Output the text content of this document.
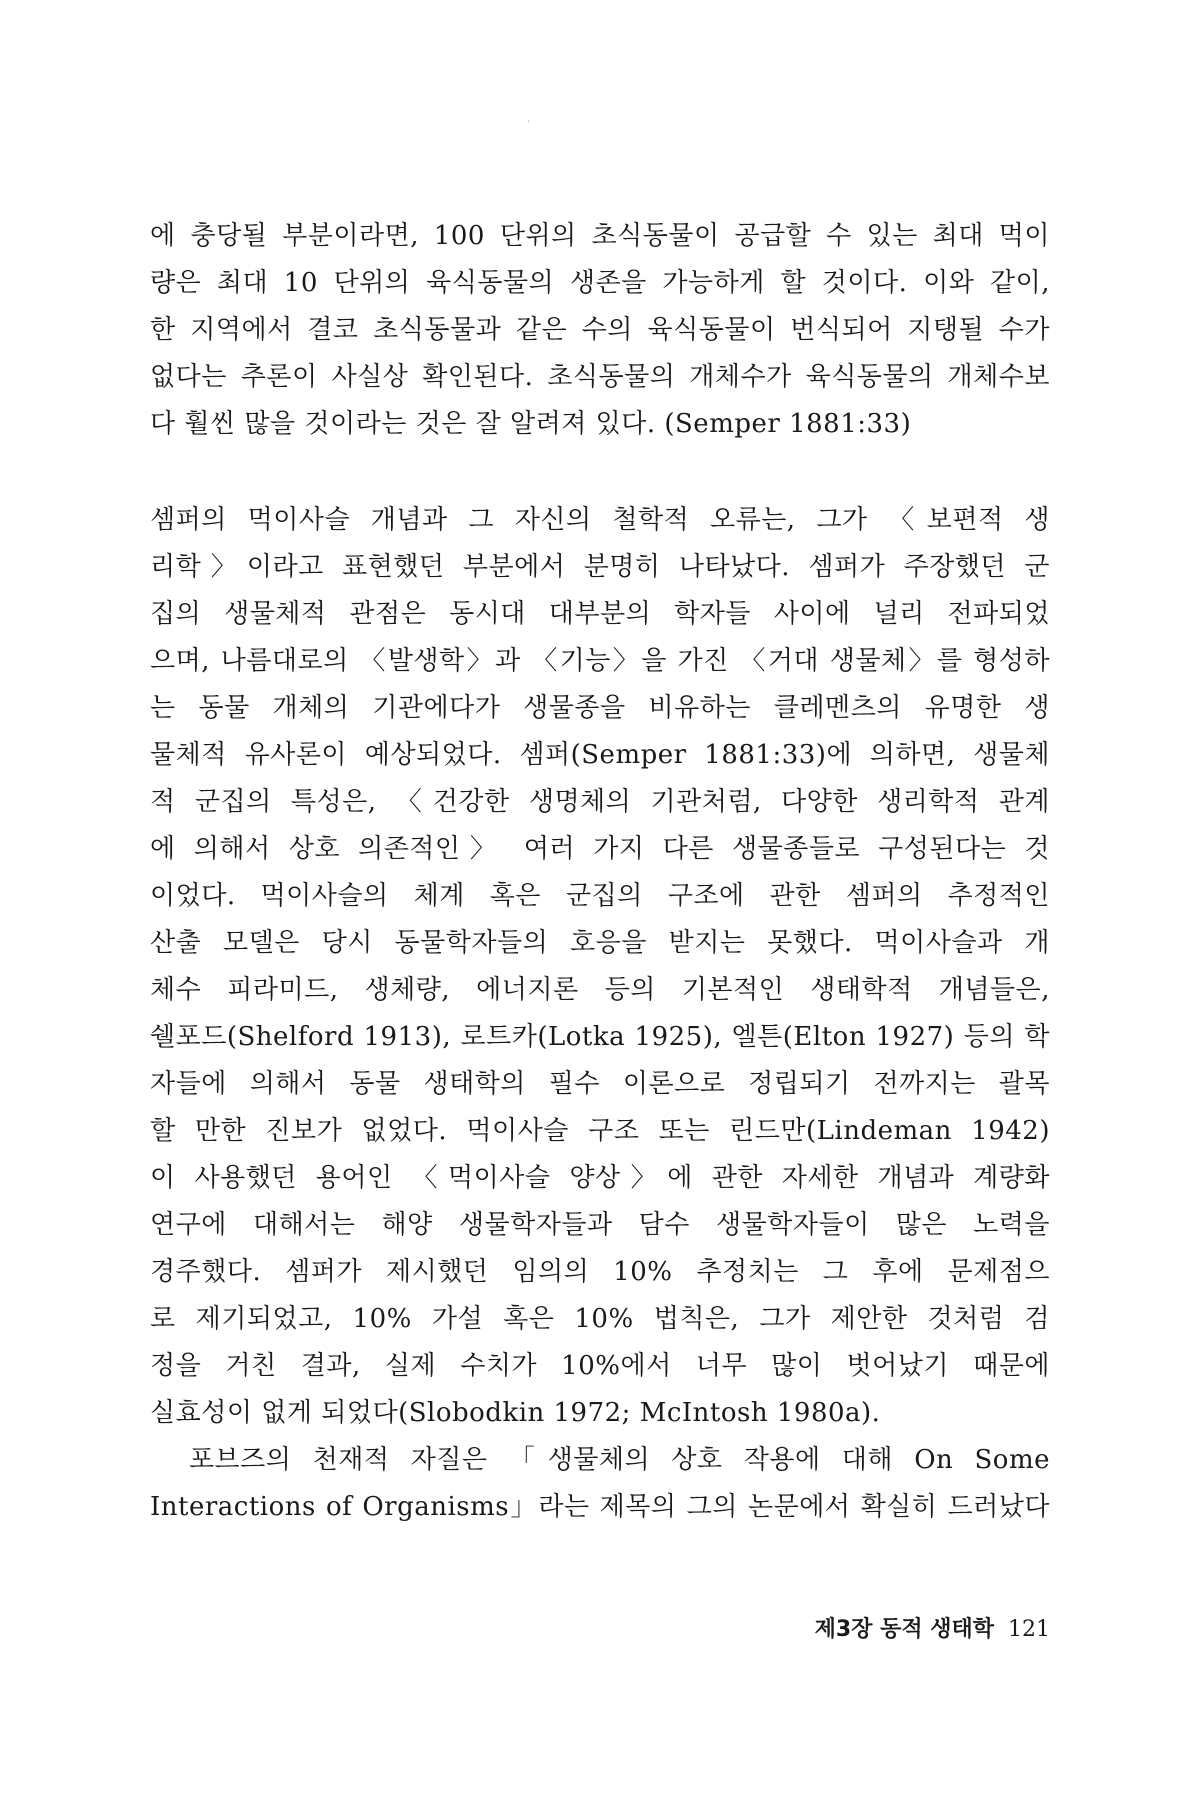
에 충당될 부분이라면, 100 단위의 초식동물이 공급할 수 있는 최대 먹이
량은 최대 10 단위의 육식동물의 생존을 가능하게 할 것이다. 이와 같이,
한 지역에서 결코 초식동물과 같은 수의 육식동물이 번식되어 지탱될 수가
없다는 추론이 사실상 확인된다. 초식동물의 개체수가 육식동물의 개체수보
다 훨씬 많을 것이라는 것은 잘 알려져 있다. (Semper 1881:33)
셈퍼의 먹이사슬 개념과 그 자신의 철학적 오류는, 그가 〈보편적 생
리학〉이라고 표현했던 부분에서 분명히 나타났다. 셈퍼가 주장했던 군
집의 생물체적 관점은 동시대 대부분의 학자들 사이에 널리 전파되었
으며, 나름대로의 〈발생학〉과 〈기능〉을 가진 〈거대 생물체〉를 형성하
는 동물 개체의 기관에다가 생물종을 비유하는 클레멘츠의 유명한 생
물체적 유사론이 예상되었다. 셈퍼(Semper 1881:33)에 의하면, 생물체
적 군집의 특성은, 〈건강한 생명체의 기관처럼, 다양한 생리학적 관계
에 의해서 상호 의존적인〉 여러 가지 다른 생물종들로 구성된다는 것
이었다. 먹이사슬의 체계 혹은 군집의 구조에 관한 셈퍼의 추정적인
산출 모델은 당시 동물학자들의 호응을 받지는 못했다. 먹이사슬과 개
체수 피라미드, 생체량, 에너지론 등의 기본적인 생태학적 개념들은,
쉘포드(Shelford 1913), 로트카(Lotka 1925), 엘튼(Elton 1927) 등의 학
자들에 의해서 동물 생태학의 필수 이론으로 정립되기 전까지는 괄목
할 만한 진보가 없었다. 먹이사슬 구조 또는 린드만(Lindeman 1942)
이 사용했던 용어인 〈먹이사슬 양상〉에 관한 자세한 개념과 계량화
연구에 대해서는 해양 생물학자들과 담수 생물학자들이 많은 노력을
경주했다. 셈퍼가 제시했던 임의의 10% 추정치는 그 후에 문제점으
로 제기되었고, 10% 가설 혹은 10% 법칙은, 그가 제안한 것처럼 검
정을 거친 결과, 실제 수치가 10%에서 너무 많이 벗어났기 때문에
실효성이 없게 되었다(Slobodkin 1972; McIntosh 1980a).
　포브즈의 천재적 자질은 「생물체의 상호 작용에 대해 On Some
Interactions of Organisms」라는 제목의 그의 논문에서 확실히 드러났다
제3장 동적 생태학 121
